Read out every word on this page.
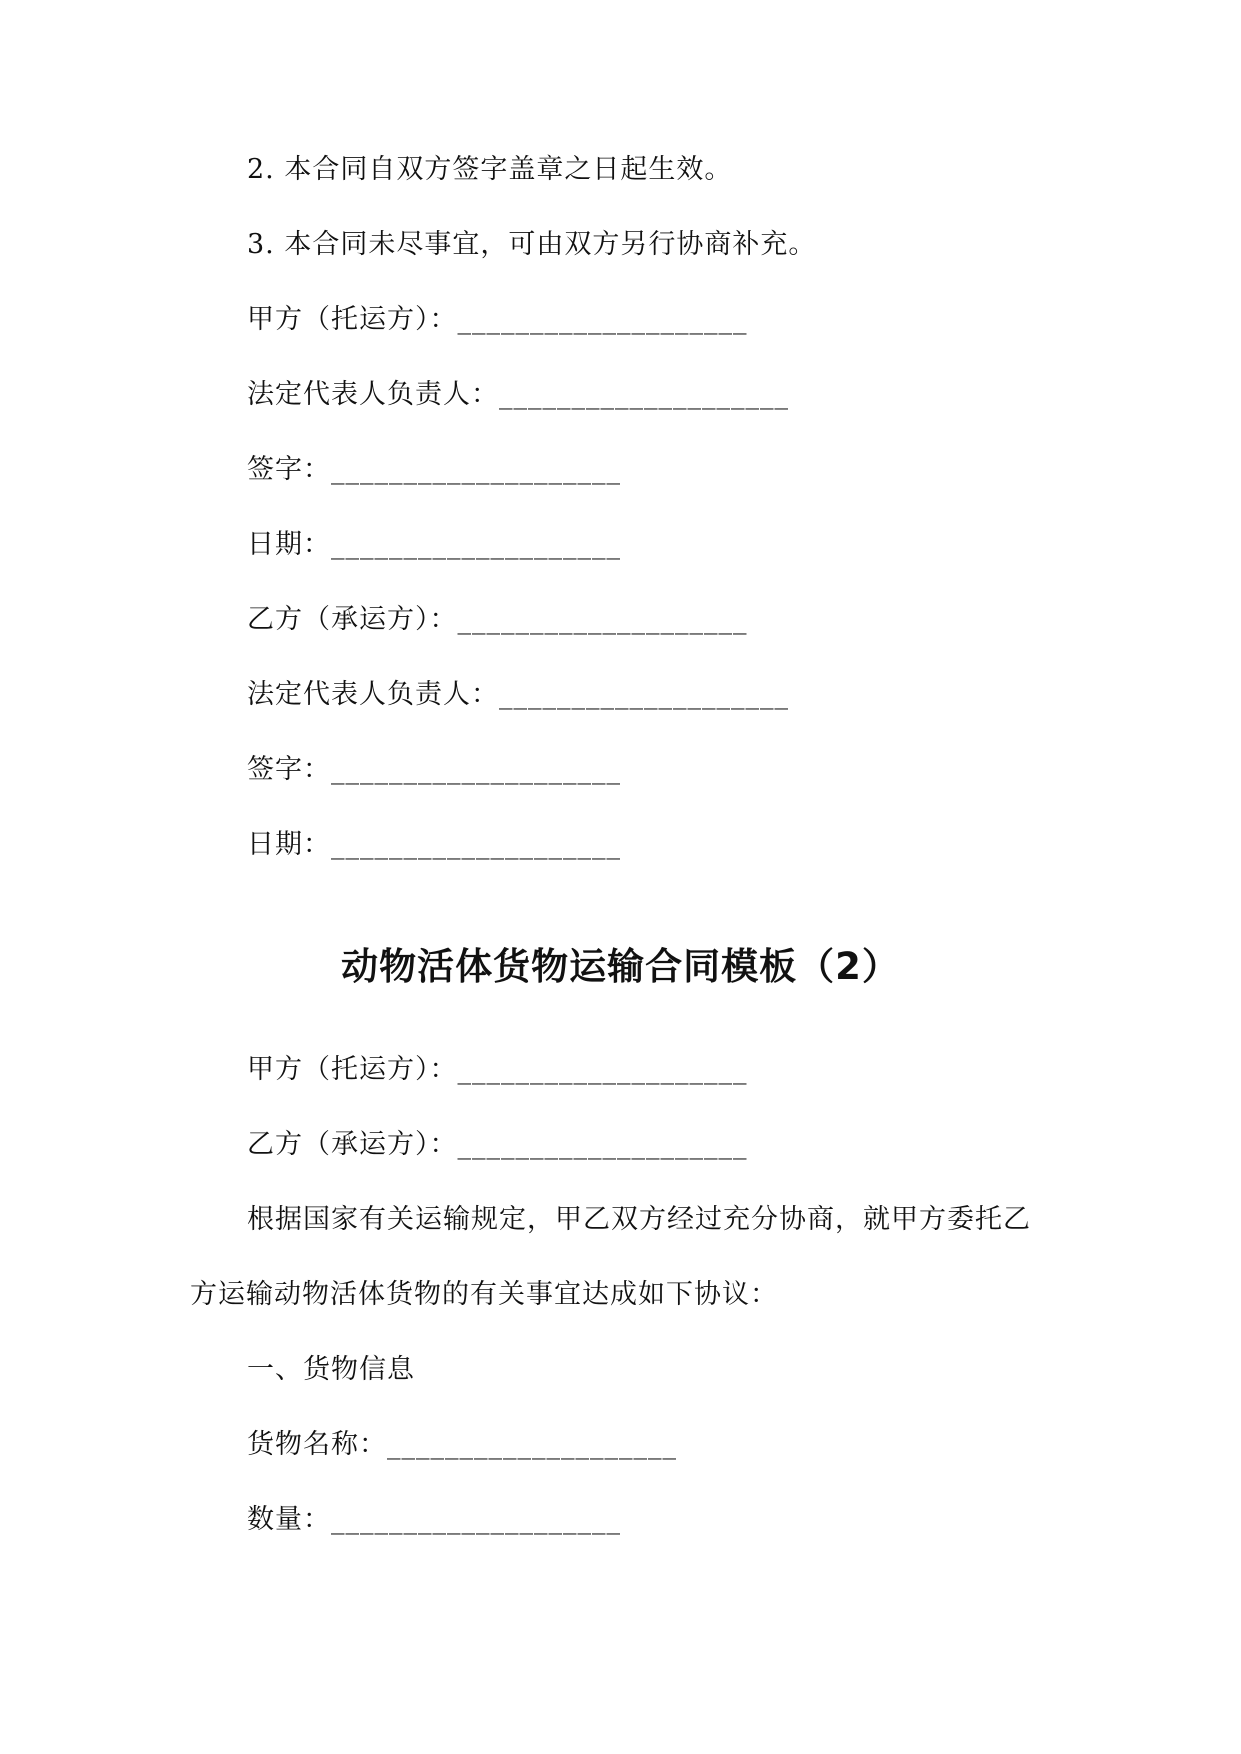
2. 本合同自双方签字盖章之日起生效。
3. 本合同未尽事宜，可由双方另行协商补充。
甲方（托运方）：____________________
法定代表人负责人：____________________
签字：____________________
日期：____________________
乙方（承运方）：____________________
法定代表人负责人：____________________
签字：____________________
日期：____________________
动物活体货物运输合同模板（2）
甲方（托运方）：____________________
乙方（承运方）：____________________
根据国家有关运输规定，甲乙双方经过充分协商，就甲方委托乙
方运输动物活体货物的有关事宜达成如下协议：
一、货物信息
货物名称：____________________
数量：____________________
